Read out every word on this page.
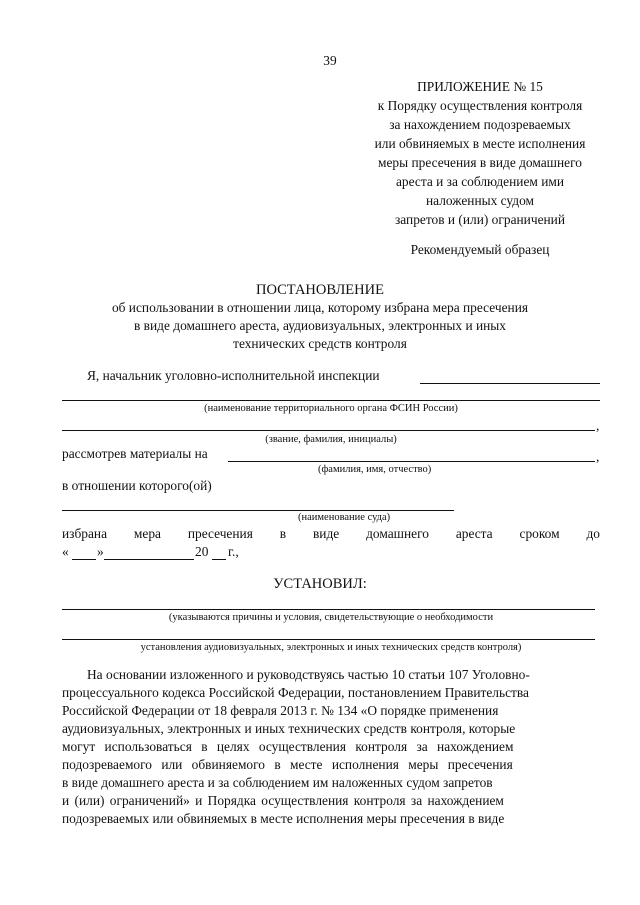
39
ПРИЛОЖЕНИЕ № 15
к Порядку осуществления контроля
за нахождением подозреваемых
или обвиняемых в месте исполнения
меры пресечения в виде домашнего
ареста и за соблюдением ими
наложенных судом
запретов и (или) ограничений
Рекомендуемый образец
ПОСТАНОВЛЕНИЕ
об использовании в отношении лица, которому избрана мера пресечения
в виде домашнего ареста, аудиовизуальных, электронных и иных
технических средств контроля
Я, начальник уголовно-исполнительной инспекции
(наименование территориального органа ФСИН России)
,
(звание, фамилия, инициалы)
рассмотрев материалы на	,
(фамилия, имя, отчество)
в отношении которого(ой)
(наименование суда)
избрана мера пресечения в виде домашнего ареста сроком до
« »	20 г.,
УСТАНОВИЛ:
(указываются причины и условия, свидетельствующие о необходимости
установления аудиовизуальных, электронных и иных технических средств контроля)
На основании изложенного и руководствуясь частью 10 статьи 107 Уголовно-
процессуального кодекса Российской Федерации, постановлением Правительства
Российской Федерации от 18 февраля 2013 г. № 134 «О порядке применения
аудиовизуальных, электронных и иных технических средств контроля, которые
могут использоваться в целях осуществления контроля за нахождением
подозреваемого или обвиняемого в месте исполнения меры пресечения
в виде домашнего ареста и за соблюдением им наложенных судом запретов
и (или) ограничений» и Порядка осуществления контроля за нахождением
подозреваемых или обвиняемых в месте исполнения меры пресечения в виде
